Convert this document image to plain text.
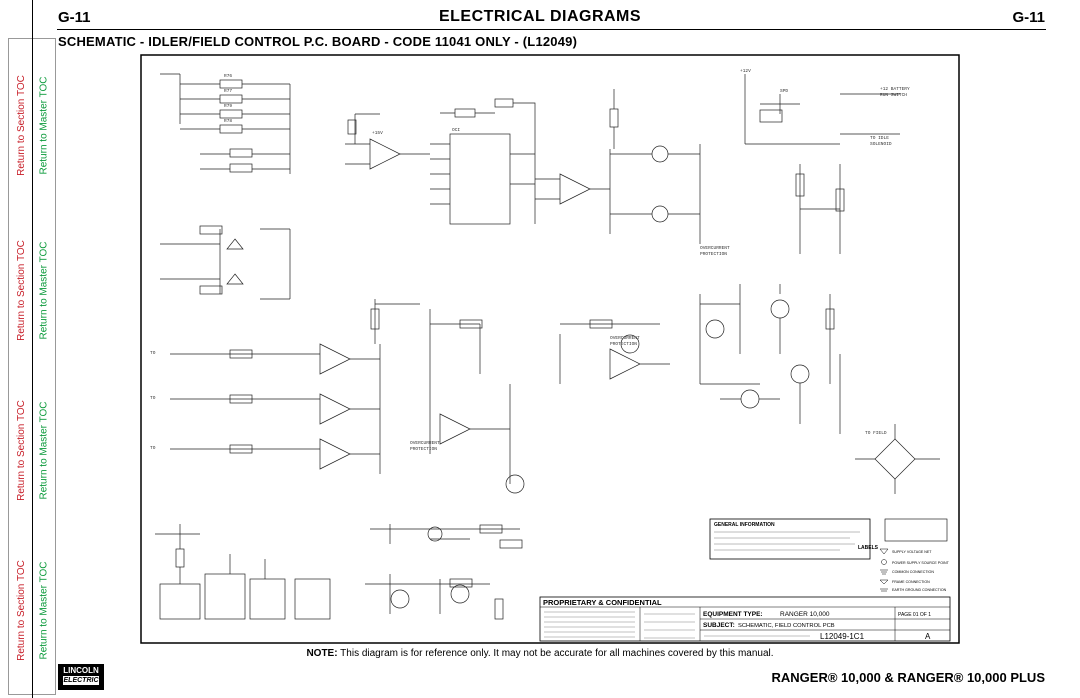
Return to Section TOC
Return to Section TOC
Return to Section TOC
Return to Section TOC
Return to Master TOC
Return to Master TOC
Return to Master TOC
Return to Master TOC
G-11	ELECTRICAL DIAGRAMS	G-11
SCHEMATIC - IDLER/FIELD CONTROL P.C. BOARD - CODE 11041 ONLY - (L12049)
R76
R77
R79
R78
+15V
OCI
+12V
SPD	+12 BATTERY
RUN SWITCH
TO IDLE
SOLENOID
TO
TO
TO
OVERCURRENT
PROTECTION
OVERCURRENT
PROTECTION
OVERCURRENT
PROTECTION
TO FIELD
GENERAL INFORMATION
LABELS
SUPPLY VOLTAGE NET
POWER SUPPLY SOURCE POINT
COMMON CONNECTION
FRAME CONNECTION
EARTH GROUND CONNECTION
PROPRIETARY & CONFIDENTIAL
EQUIPMENT TYPE:	RANGER 10,000
SUBJECT: SCHEMATIC, FIELD CONTROL PCB
PAGE 01 OF 1
L12049-1C1	A
NOTE: This diagram is for reference only. It may not be accurate for all machines covered by this manual.
LINCOLN
ELECTRIC	RANGER® 10,000 & RANGER® 10,000 PLUS
